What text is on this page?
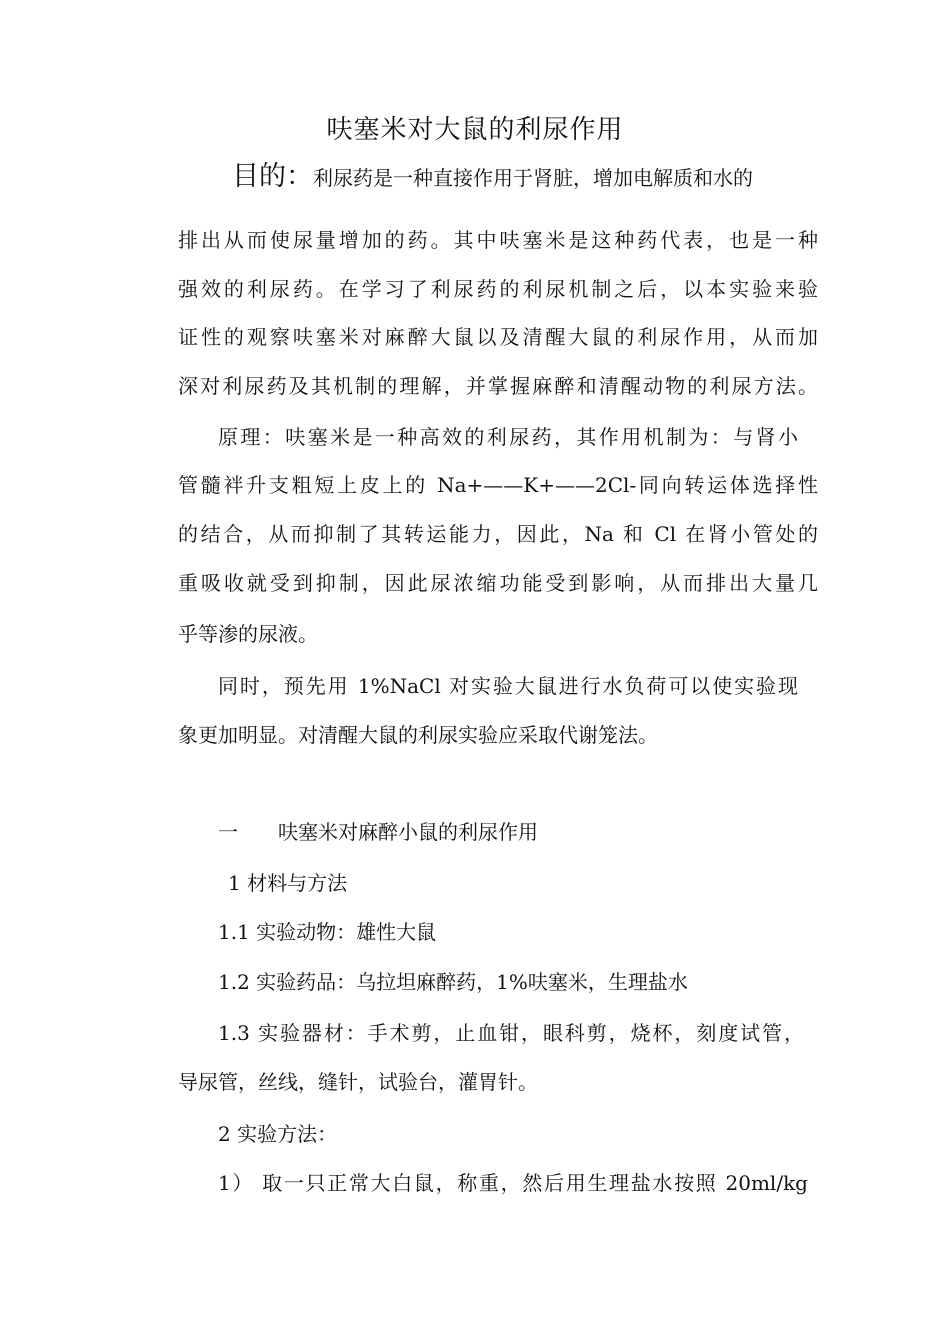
呋塞米对大鼠的利尿作用
目的：利尿药是一种直接作用于肾脏，增加电解质和水的
排出从而使尿量增加的药。其中呋塞米是这种药代表，也是一种
强效的利尿药。在学习了利尿药的利尿机制之后，以本实验来验
证性的观察呋塞米对麻醉大鼠以及清醒大鼠的利尿作用，从而加
深对利尿药及其机制的理解，并掌握麻醉和清醒动物的利尿方法。
原理：呋塞米是一种高效的利尿药，其作用机制为：与肾小
管髓袢升支粗短上皮上的 Na+——K+——2Cl-同向转运体选择性
的结合，从而抑制了其转运能力，因此，Na 和 Cl 在肾小管处的
重吸收就受到抑制，因此尿浓缩功能受到影响，从而排出大量几
乎等渗的尿液。
同时，预先用 1%NaCl 对实验大鼠进行水负荷可以使实验现
象更加明显。对清醒大鼠的利尿实验应采取代谢笼法。
一 呋塞米对麻醉小鼠的利尿作用
1 材料与方法
1.1 实验动物：雄性大鼠
1.2 实验药品：乌拉坦麻醉药，1%呋塞米，生理盐水
1.3 实验器材：手术剪，止血钳，眼科剪，烧杯，刻度试管，
导尿管，丝线，缝针，试验台，灌胃针。
2 实验方法：
1） 取一只正常大白鼠，称重，然后用生理盐水按照 20ml/kg
